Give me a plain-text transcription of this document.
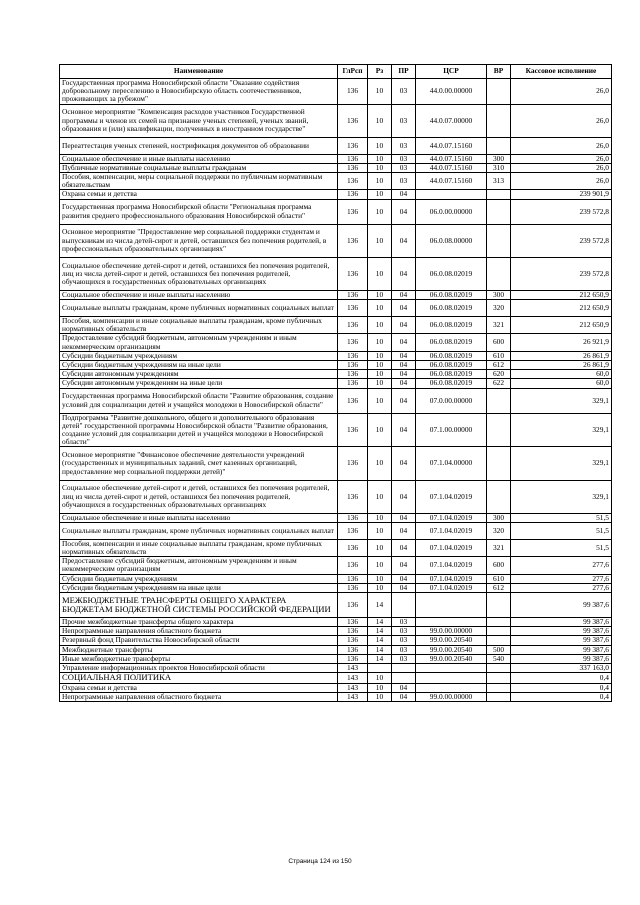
Наименование	ГлРсп	Рз	ПР	ЦСР	ВР	Кассовое исполнение
Государственная программа Новосибирской области "Оказание содействия добровольному переселению в Новосибирскую область соотечественников, проживающих за рубежом"	136	10	03	44.0.00.00000		26,0
Основное мероприятие "Компенсация расходов участников Государственной программы и членов их семей на признание ученых степеней, ученых званий, образования и (или) квалификации, полученных в иностранном государстве"	136	10	03	44.0.07.00000		26,0
Переаттестация ученых степеней, нострификация документов об образовании	136	10	03	44.0.07.15160		26,0
Социальное обеспечение и иные выплаты населению	136	10	03	44.0.07.15160	300	26,0
Публичные нормативные социальные выплаты гражданам	136	10	03	44.0.07.15160	310	26,0
Пособия, компенсации, меры социальной поддержки по публичным нормативным обязательствам	136	10	03	44.0.07.15160	313	26,0
Охрана семьи и детства	136	10	04			239 901,9
Государственная программа Новосибирской области "Региональная программа развития среднего профессионального образования Новосибирской области"	136	10	04	06.0.00.00000		239 572,8
Основное мероприятие "Предоставление мер социальной поддержки студентам и выпускникам из числа детей-сирот и детей, оставшихся без попечения родителей, в профессиональных образовательных организациях"	136	10	04	06.0.08.00000		239 572,8
Социальное обеспечение детей-сирот и детей, оставшихся без попечения родителей, лиц из числа детей-сирот и детей, оставшихся без попечения родителей, обучающихся в государственных образовательных организациях	136	10	04	06.0.08.02019		239 572,8
Социальное обеспечение и иные выплаты населению	136	10	04	06.0.08.02019	300	212 650,9
Социальные выплаты гражданам, кроме публичных нормативных социальных выплат	136	10	04	06.0.08.02019	320	212 650,9
Пособия, компенсации и иные социальные выплаты гражданам, кроме публичных нормативных обязательств	136	10	04	06.0.08.02019	321	212 650,9
Предоставление субсидий бюджетным, автономным учреждениям и иным некоммерческим организациям	136	10	04	06.0.08.02019	600	26 921,9
Субсидии бюджетным учреждениям	136	10	04	06.0.08.02019	610	26 861,9
Субсидии бюджетным учреждениям на иные цели	136	10	04	06.0.08.02019	612	26 861,9
Субсидии автономным учреждениям	136	10	04	06.0.08.02019	620	60,0
Субсидии автономным учреждениям на иные цели	136	10	04	06.0.08.02019	622	60,0
Государственная программа Новосибирской области "Развитие образования, создание условий для социализации детей и учащейся молодежи в Новосибирской области"	136	10	04	07.0.00.00000		329,1
Подпрограмма "Развитие дошкольного, общего и дополнительного образования детей" государственной программы Новосибирской области "Развитие образования, создание условий для социализации детей и учащейся молодежи в Новосибирской области"	136	10	04	07.1.00.00000		329,1
Основное мероприятие "Финансовое обеспечение деятельности учреждений (государственных и муниципальных заданий, смет казенных организаций, предоставление мер социальной поддержки детей)"	136	10	04	07.1.04.00000		329,1
Социальное обеспечение детей-сирот и детей, оставшихся без попечения родителей, лиц из числа детей-сирот и детей, оставшихся без попечения родителей, обучающихся в государственных образовательных организациях	136	10	04	07.1.04.02019		329,1
Социальное обеспечение и иные выплаты населению	136	10	04	07.1.04.02019	300	51,5
Социальные выплаты гражданам, кроме публичных нормативных социальных выплат	136	10	04	07.1.04.02019	320	51,5
Пособия, компенсации и иные социальные выплаты гражданам, кроме публичных нормативных обязательств	136	10	04	07.1.04.02019	321	51,5
Предоставление субсидий бюджетным, автономным учреждениям и иным некоммерческим организациям	136	10	04	07.1.04.02019	600	277,6
Субсидии бюджетным учреждениям	136	10	04	07.1.04.02019	610	277,6
Субсидии бюджетным учреждениям на иные цели	136	10	04	07.1.04.02019	612	277,6
МЕЖБЮДЖЕТНЫЕ ТРАНСФЕРТЫ ОБЩЕГО ХАРАКТЕРА БЮДЖЕТАМ БЮДЖЕТНОЙ СИСТЕМЫ РОССИЙСКОЙ ФЕДЕРАЦИИ	136	14				99 387,6
Прочие межбюджетные трансферты общего характера	136	14	03			99 387,6
Непрограммные направления областного бюджета	136	14	03	99.0.00.00000		99 387,6
Резервный фонд Правительства Новосибирской области	136	14	03	99.0.00.20540		99 387,6
Межбюджетные трансферты	136	14	03	99.0.00.20540	500	99 387,6
Иные межбюджетные трансферты	136	14	03	99.0.00.20540	540	99 387,6
Управление информационных проектов Новосибирской области	143					337 163,0
СОЦИАЛЬНАЯ ПОЛИТИКА	143	10				0,4
Охрана семьи и детства	143	10	04			0,4
Непрограммные направления областного бюджета	143	10	04	99.0.00.00000		0,4
Страница 124 из 150
